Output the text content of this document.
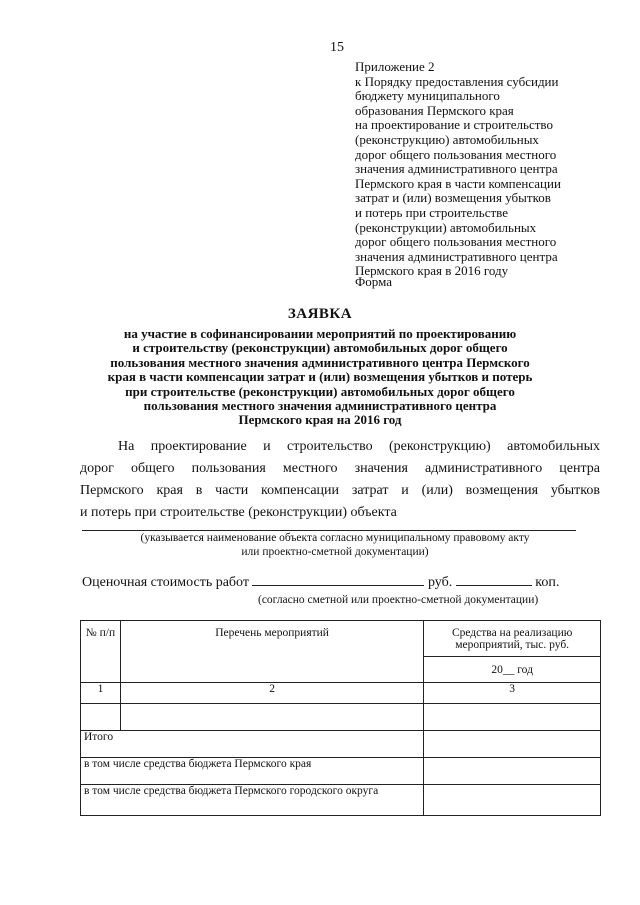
15
Приложение 2
к Порядку предоставления субсидии
бюджету муниципального
образования Пермского края
на проектирование и строительство
(реконструкцию) автомобильных
дорог общего пользования местного
значения административного центра
Пермского края в части компенсации
затрат и (или) возмещения убытков
и потерь при строительстве
(реконструкции) автомобильных
дорог общего пользования местного
значения административного центра
Пермского края в 2016 году
Форма
ЗАЯВКА
на участие в софинансировании мероприятий по проектированию
и строительству (реконструкции) автомобильных дорог общего
пользования местного значения административного центра Пермского
края в части компенсации затрат и (или) возмещения убытков и потерь
при строительстве (реконструкции) автомобильных дорог общего
пользования местного значения административного центра
Пермского края на 2016 год
На проектирование и строительство (реконструкцию) автомобильных
дорог общего пользования местного значения административного центра
Пермского края в части компенсации затрат и (или) возмещения убытков
и потерь при строительстве (реконструкции) объекта
(указывается наименование объекта согласно муниципальному правовому акту
или проектно-сметной документации)
Оценочная стоимость работ	руб.	коп.
(согласно сметной или проектно-сметной документации)
№ п/п	Перечень мероприятий	Средства на реализацию мероприятий, тыс. руб.
		20__ год
1	2	3

Итого		
в том числе средства бюджета Пермского края		
в том числе средства бюджета Пермского городского округа		
